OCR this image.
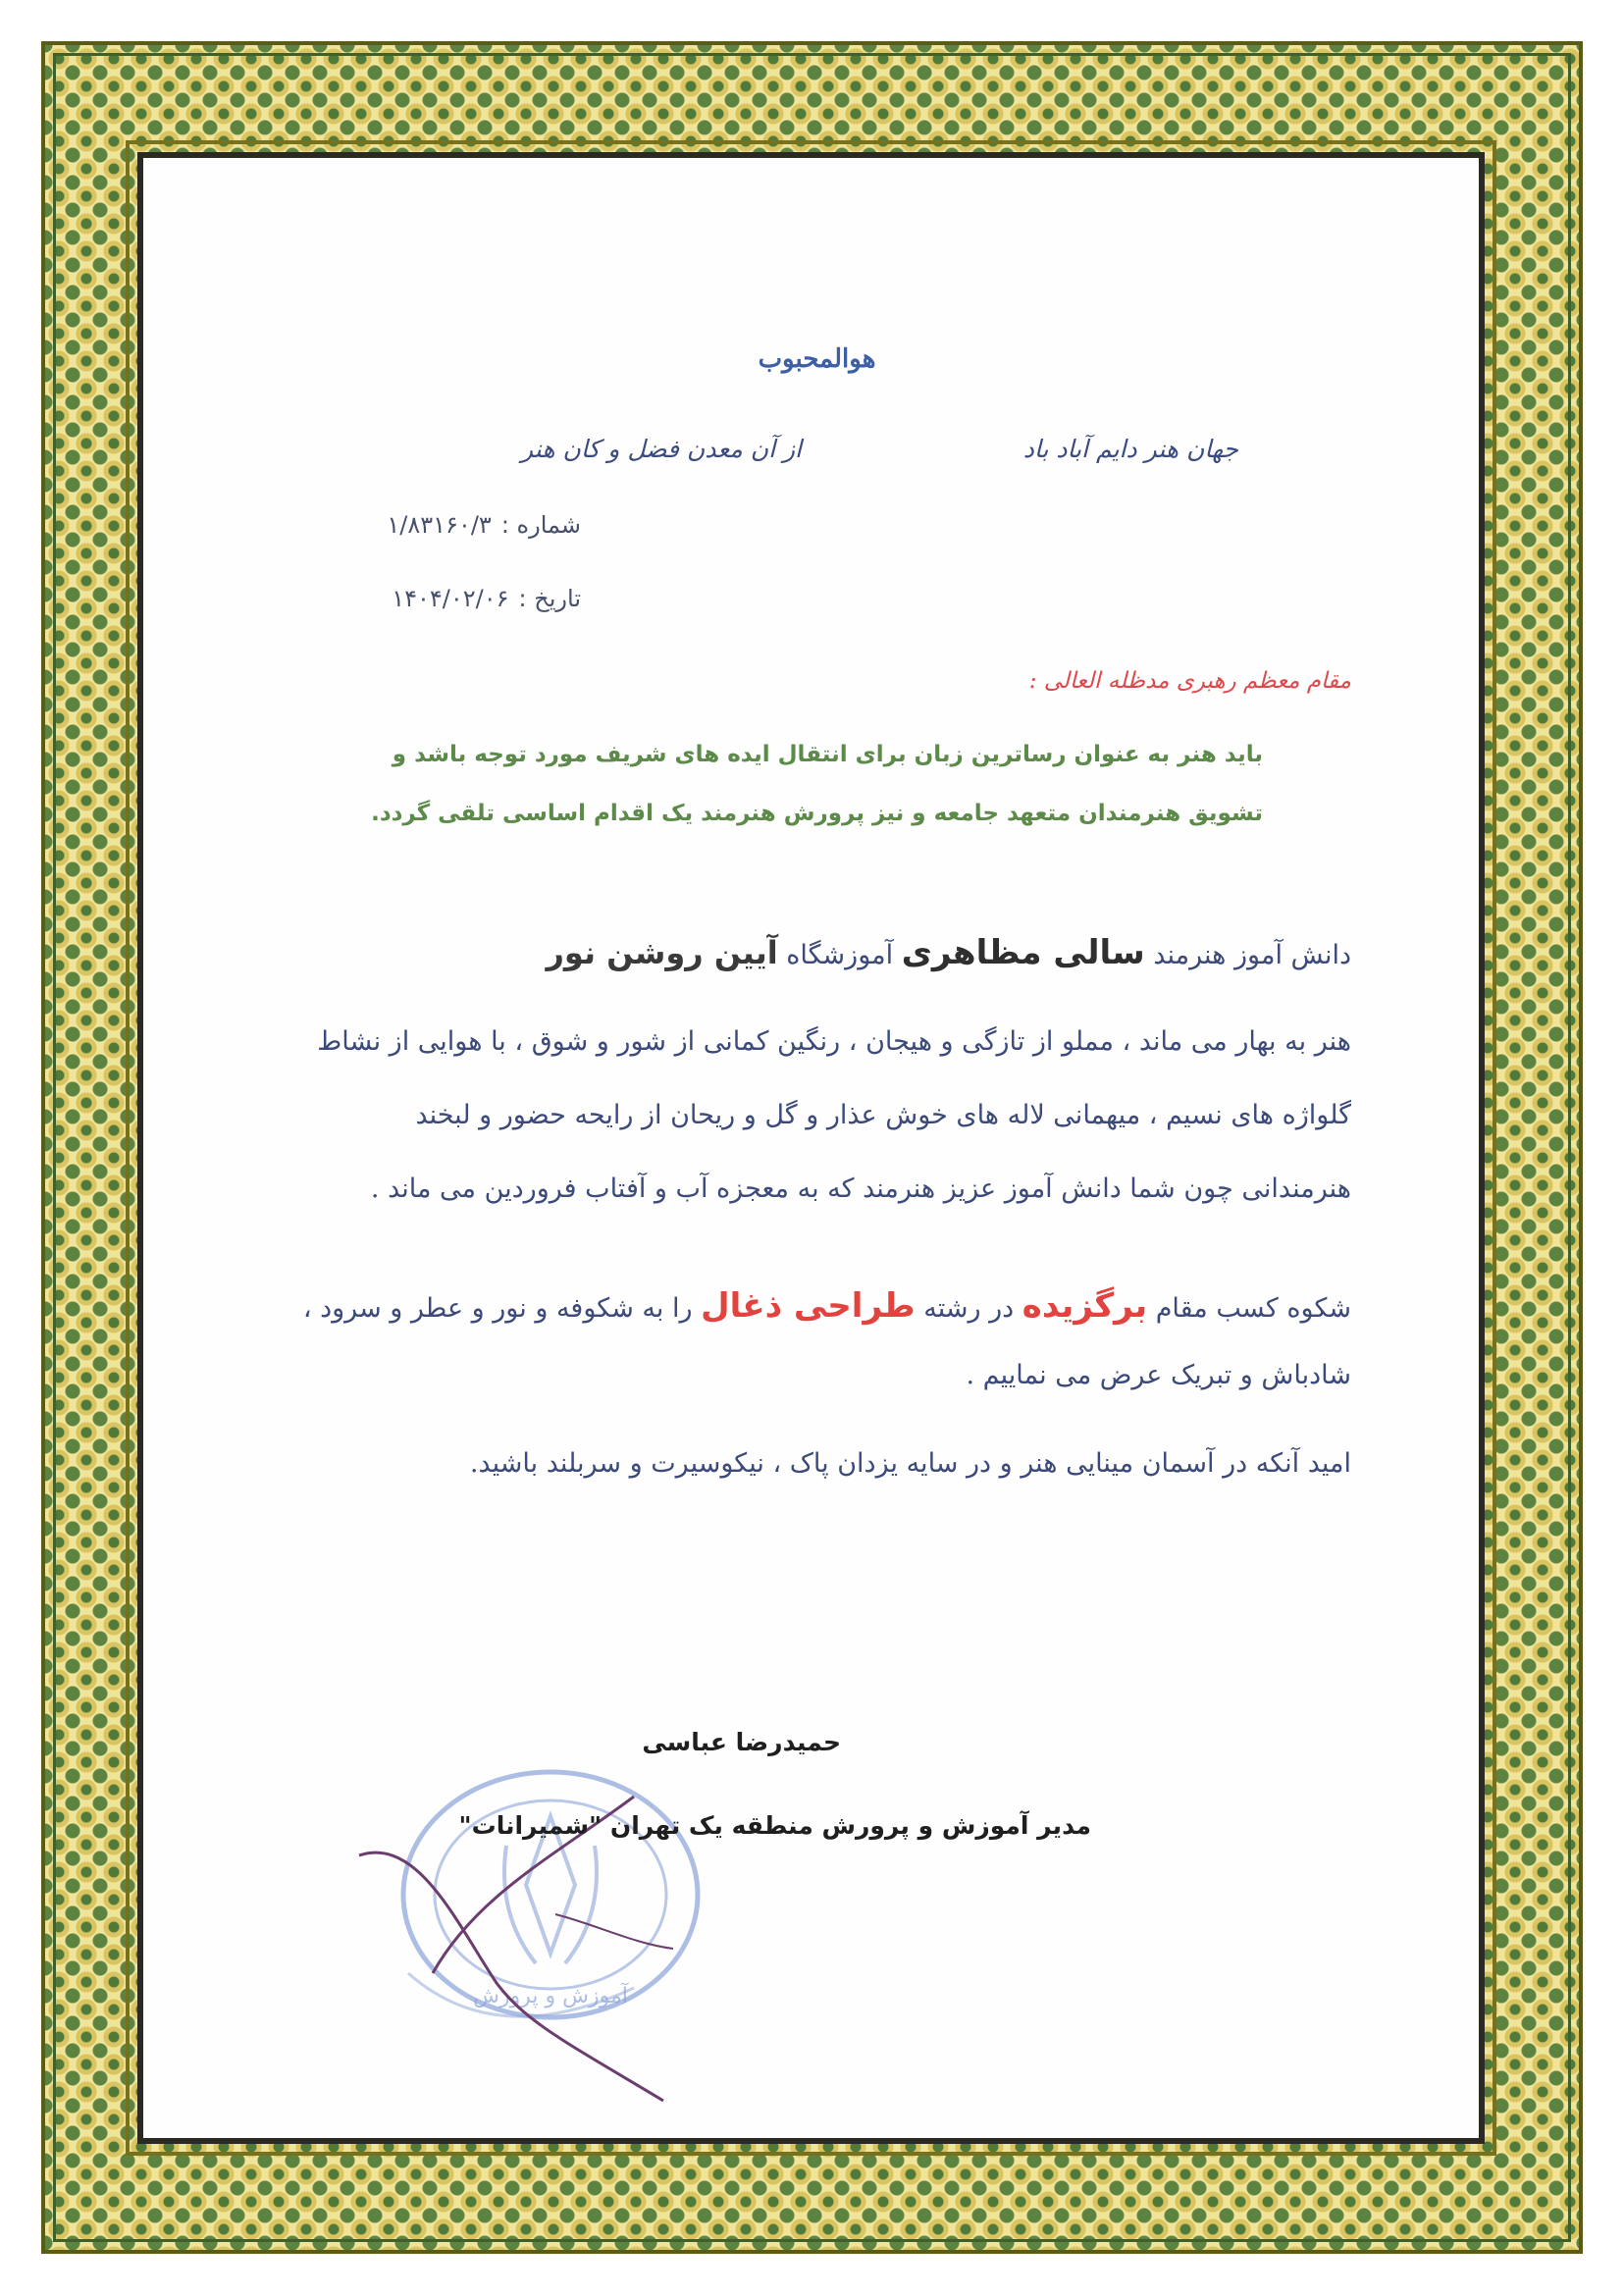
هوالمحبوب
جهان هنر دایم آباد باد
از آن معدن فضل و کان هنر
شماره :۱/۸۳۱۶۰/۳
تاریخ :۱۴۰۴/۰۲/۰۶
مقام معظم رهبری مدظله العالی :
باید هنر به عنوان رساترین زبان برای انتقال ایده های شریف مورد توجه باشد و
تشویق هنرمندان متعهد جامعه و نیز پرورش هنرمند یک اقدام اساسی تلقی گردد.
دانش آموز هنرمند سالی مظاهری آموزشگاه آیین روشن نور
هنر به بهار می ماند ، مملو از تازگی و هیجان ، رنگین کمانی از شور و شوق ، با هوایی از نشاط
گلواژه های نسیم ، میهمانی لاله های خوش عذار و گل و ریحان از رایحه حضور و لبخند
هنرمندانی چون شما دانش آموز عزیز هنرمند که به معجزه آب و آفتاب فروردین می ماند .
شکوه کسب مقام برگزیده در رشته طراحی ذغال را به شکوفه و نور و عطر و سرود ،
شادباش و تبریک عرض می نماییم .
امید آنکه در آسمان مینایی هنر و در سایه یزدان پاک ، نیکوسیرت و سربلند باشید.
آموزش و پرورش
حمیدرضا عباسی
مدیر آموزش و پرورش منطقه یک تهران "شمیرانات"
